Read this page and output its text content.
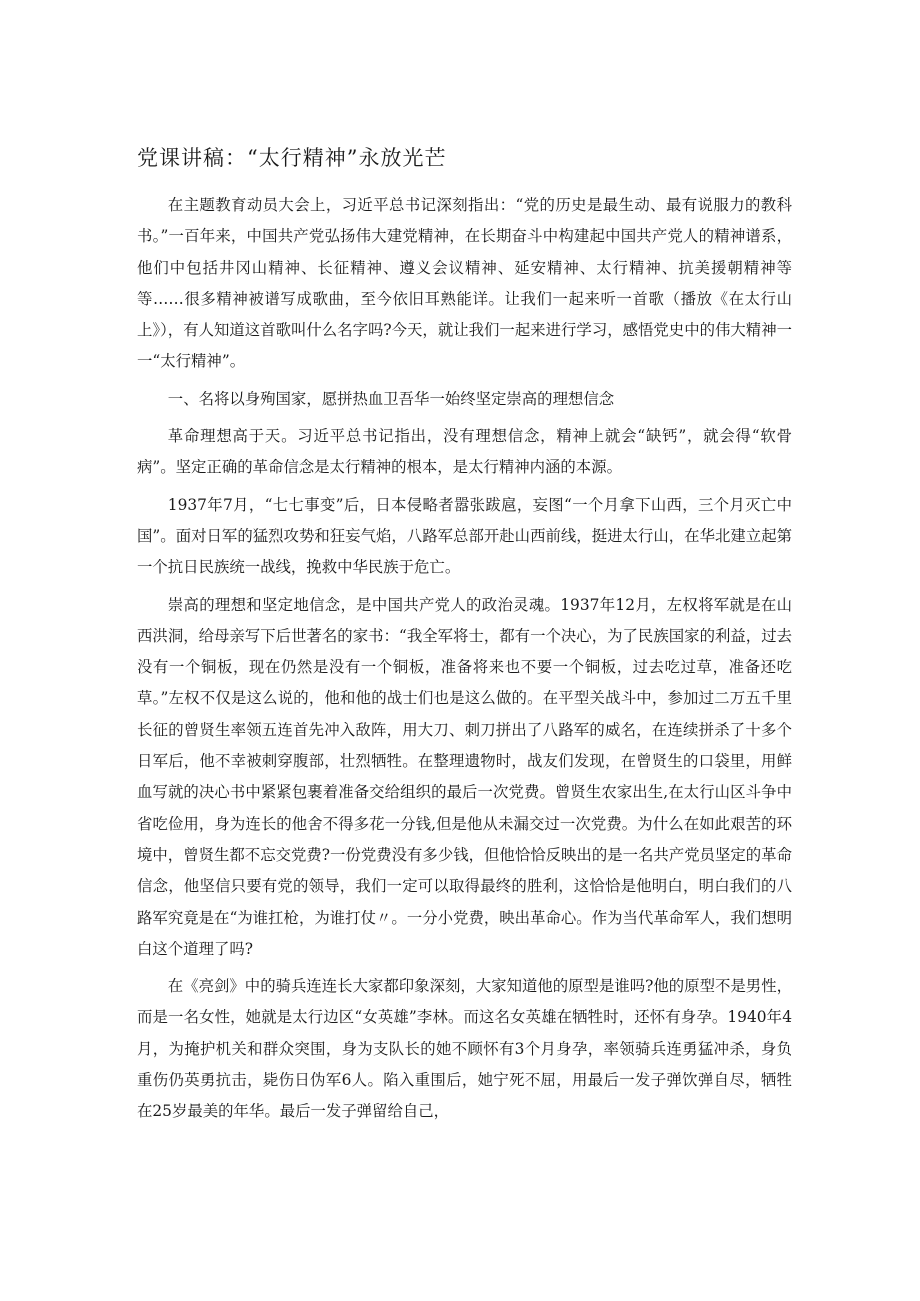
党课讲稿：“太行精神”永放光芒

在主题教育动员大会上，习近平总书记深刻指出：“党的历史是最生动、最有说服力的教科书。”一百年来，中国共产党弘扬伟大建党精神，在长期奋斗中构建起中国共产党人的精神谱系，他们中包括井冈山精神、长征精神、遵义会议精神、延安精神、太行精神、抗美援朝精神等等……很多精神被谱写成歌曲，至今依旧耳熟能详。让我们一起来听一首歌（播放《在太行山上》），有人知道这首歌叫什么名字吗?今天，就让我们一起来进行学习，感悟党史中的伟大精神一一“太行精神”。

一、名将以身殉国家，愿拼热血卫吾华一始终坚定崇高的理想信念

革命理想高于天。习近平总书记指出，没有理想信念，精神上就会“缺钙”，就会得“软骨病”。坚定正确的革命信念是太行精神的根本，是太行精神内涵的本源。

1937年7月，“七七事变”后，日本侵略者嚣张跋扈，妄图“一个月拿下山西，三个月灭亡中国”。面对日军的猛烈攻势和狂妄气焰，八路军总部开赴山西前线，挺进太行山，在华北建立起第一个抗日民族统一战线，挽救中华民族于危亡。

崇高的理想和坚定地信念，是中国共产党人的政治灵魂。1937年12月，左权将军就是在山西洪洞，给母亲写下后世著名的家书：“我全军将士，都有一个决心，为了民族国家的利益，过去没有一个铜板，现在仍然是没有一个铜板，准备将来也不要一个铜板，过去吃过草，准备还吃草。”左权不仅是这么说的，他和他的战士们也是这么做的。在平型关战斗中，参加过二万五千里长征的曾贤生率领五连首先冲入敌阵，用大刀、刺刀拼出了八路军的威名，在连续拼杀了十多个日军后，他不幸被刺穿腹部，壮烈牺牲。在整理遗物时，战友们发现，在曾贤生的口袋里，用鲜血写就的决心书中紧紧包裹着准备交给组织的最后一次党费。曾贤生农家出生,在太行山区斗争中省吃俭用，身为连长的他舍不得多花一分钱,但是他从未漏交过一次党费。为什么在如此艰苦的环境中，曾贤生都不忘交党费?一份党费没有多少钱，但他恰恰反映出的是一名共产党员坚定的革命信念，他坚信只要有党的领导，我们一定可以取得最终的胜利，这恰恰是他明白，明白我们的八路军究竟是在“为谁扛枪，为谁打仗〃。一分小党费，映出革命心。作为当代革命军人，我们想明白这个道理了吗?

在《亮剑》中的骑兵连连长大家都印象深刻，大家知道他的原型是谁吗?他的原型不是男性，而是一名女性，她就是太行边区“女英雄”李林。而这名女英雄在牺牲时，还怀有身孕。1940年4月，为掩护机关和群众突围，身为支队长的她不顾怀有3个月身孕，率领骑兵连勇猛冲杀，身负重伤仍英勇抗击，毙伤日伪军6人。陷入重围后，她宁死不屈，用最后一发子弹饮弹自尽，牺牲在25岁最美的年华。最后一发子弹留给自己，
